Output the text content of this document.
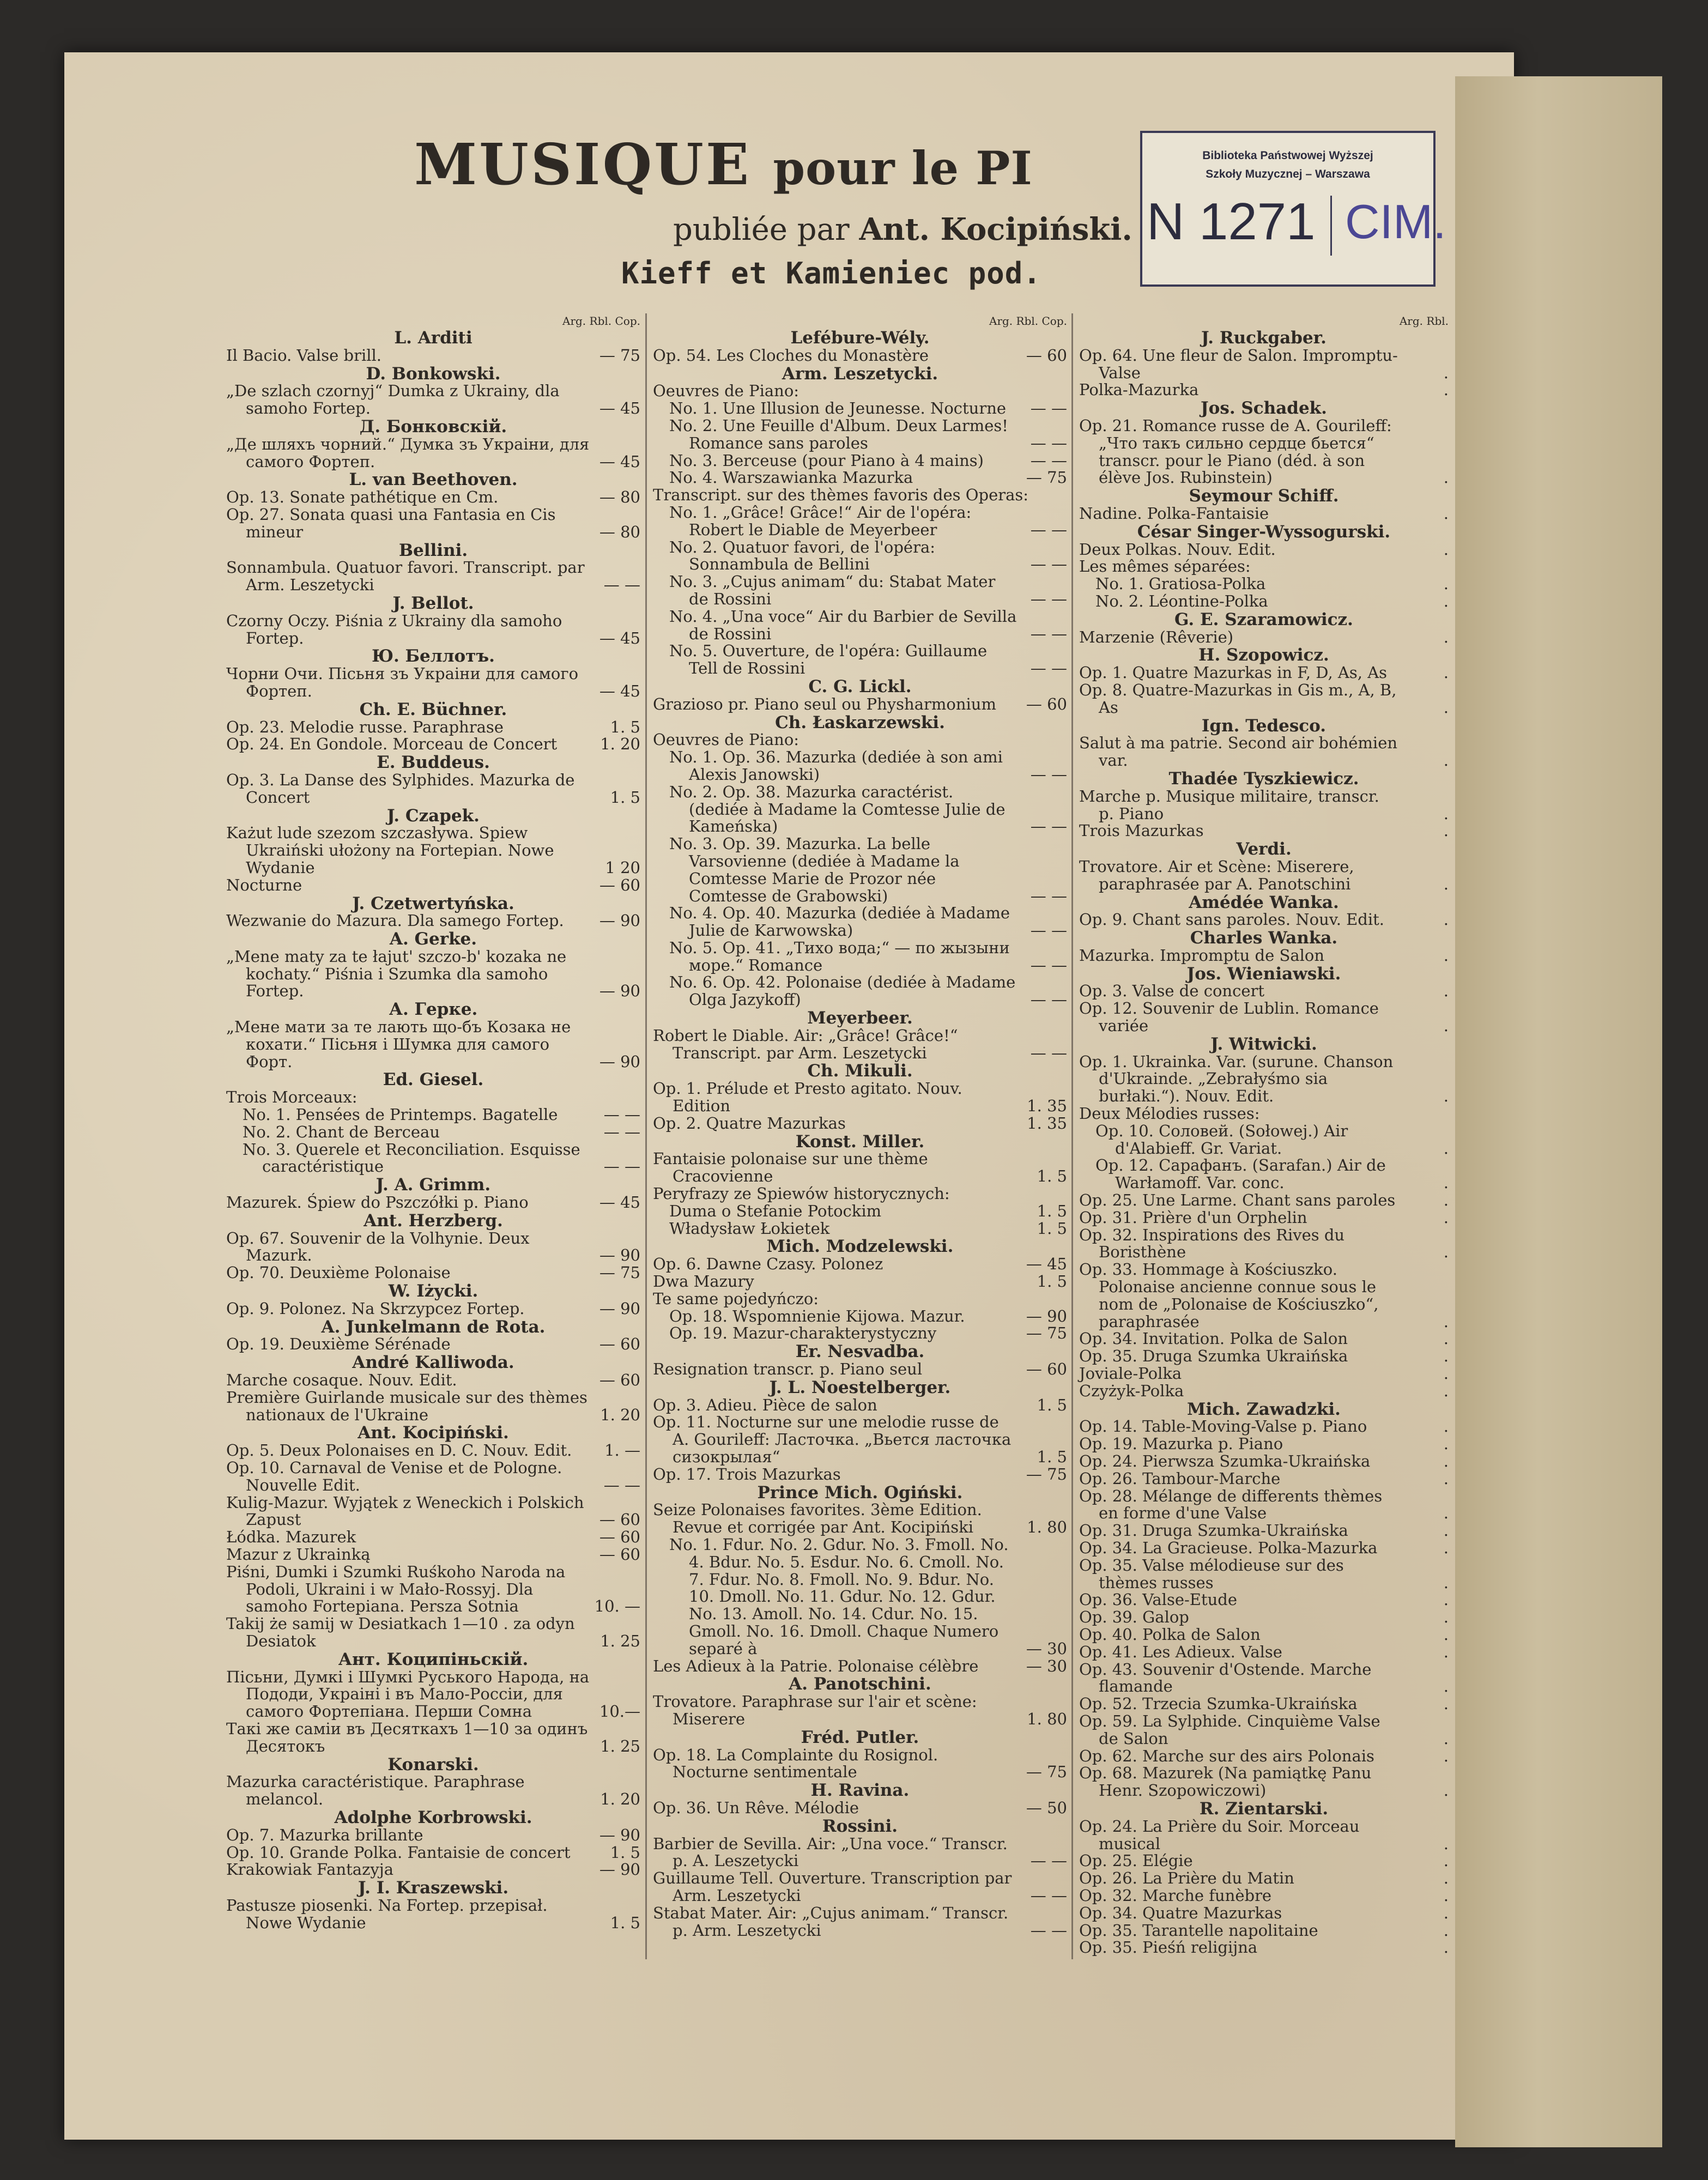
MUSIQUE pour le PI
publiée par Ant. Kocipiński.
Kieff et Kamieniec pod.
Biblioteka Państwowej Wyższej
Szkoły Muzycznej – Warszawa
N 1271 CIM.
Arg. Rbl. Cop.
L. Arditi
Il Bacio. Valse brill.	— 75
D. Bonkowski.
„De szlach czornyj“ Dumka z Ukrainy, dla samoho Fortep.	— 45
Д. Бонковскій.
„Де шляхъ чорний.“ Думка зъ Украiни, для самого Фортеп.	— 45
L. van Beethoven.
Op. 13. Sonate pathétique en Cm.	— 80
Op. 27. Sonata quasi una Fantasia en Cis mineur	— 80
Bellini.
Sonnambula. Quatuor favori. Transcript. par Arm. Leszetycki	— —
J. Bellot.
Czorny Oczy. Piśnia z Ukrainy dla samoho Fortep.	— 45
Ю. Беллотъ.
Чорни Очи. Пiсьня зъ Украiни для самого Фортеп.	— 45
Ch. E. Büchner.
Op. 23. Melodie russe. Paraphrase	1. 5
Op. 24. En Gondole. Morceau de Concert	1. 20
E. Buddeus.
Op. 3. La Danse des Sylphides. Mazurka de Concert	1. 5
J. Czapek.
Każut lude szezom szczasływa. Spiew Ukraiński ułożony na Fortepian. Nowe Wydanie	1 20
Nocturne	— 60
J. Czetwertyńska.
Wezwanie do Mazura. Dla samego Fortep.	— 90
A. Gerke.
„Mene maty za te łajut' szczo-b' kozaka ne kochaty.“ Piśnia i Szumka dla samoho Fortep.	— 90
А. Герке.
„Мене мати за те лають що-бъ Козака не кохати.“ Пiсьня i Шумка для самого Форт.	— 90
Ed. Giesel.
Trois Morceaux:
No. 1. Pensées de Printemps. Bagatelle	— —
No. 2. Chant de Berceau	— —
No. 3. Querele et Reconciliation. Esquisse caractéristique	— —
J. A. Grimm.
Mazurek. Śpiew do Pszczółki p. Piano	— 45
Ant. Herzberg.
Op. 67. Souvenir de la Volhynie. Deux Mazurk.	— 90
Op. 70. Deuxième Polonaise	— 75
W. Iżycki.
Op. 9. Polonez. Na Skrzypcez Fortep.	— 90
A. Junkelmann de Rota.
Op. 19. Deuxième Sérénade	— 60
André Kalliwoda.
Marche cosaque. Nouv. Edit.	— 60
Première Guirlande musicale sur des thèmes nationaux de l'Ukraine	1. 20
Ant. Kocipiński.
Op. 5. Deux Polonaises en D. C. Nouv. Edit.	1. —
Op. 10. Carnaval de Venise et de Pologne. Nouvelle Edit.	— —
Kulig-Mazur. Wyjątek z Weneckich i Polskich Zapust	— 60
Łódka. Mazurek	— 60
Mazur z Ukrainką	— 60
Piśni, Dumki i Szumki Ruśkoho Naroda na Podoli, Ukraini i w Mało-Rossyj. Dla samoho Fortepiana. Persza Sotnia	10. —
Takij że samij w Desiatkach 1—10 . za odyn Desiatok	1. 25
Ант. Коципіньскій.
Пiсьни, Думкi i Шумкi Руського Народа, на Пододи, Украiнi i въ Мало-Россiи, для самого Фортепiана. Перши Сомна	10.—
Такi же самiи въ Десяткахъ 1—10 за одинъ Десятокъ	1. 25
Konarski.
Mazurka caractéristique. Paraphrase melancol.	1. 20
Adolphe Korbrowski.
Op. 7. Mazurka brillante	— 90
Op. 10. Grande Polka. Fantaisie de concert	1. 5
Krakowiak Fantazyja	— 90
J. I. Kraszewski.
Pastusze piosenki. Na Fortep. przepisał. Nowe Wydanie	1. 5
Arg. Rbl. Cop.
Lefébure-Wély.
Op. 54. Les Cloches du Monastère	— 60
Arm. Leszetycki.
Oeuvres de Piano:
No. 1. Une Illusion de Jeunesse. Nocturne	— —
No. 2. Une Feuille d'Album. Deux Larmes! Romance sans paroles	— —
No. 3. Berceuse (pour Piano à 4 mains)	— —
No. 4. Warszawianka Mazurka	— 75
Transcript. sur des thèmes favoris des Operas:
No. 1. „Grâce! Grâce!“ Air de l'opéra: Robert le Diable de Meyerbeer	— —
No. 2. Quatuor favori, de l'opéra: Sonnambula de Bellini	— —
No. 3. „Cujus animam“ du: Stabat Mater de Rossini	— —
No. 4. „Una voce“ Air du Barbier de Sevilla de Rossini	— —
No. 5. Ouverture, de l'opéra: Guillaume Tell de Rossini	— —
C. G. Lickl.
Grazioso pr. Piano seul ou Physharmonium	— 60
Ch. Łaskarzewski.
Oeuvres de Piano:
No. 1. Op. 36. Mazurka (dediée à son ami Alexis Janowski)	— —
No. 2. Op. 38. Mazurka caractérist. (dediée à Madame la Comtesse Julie de Kameńska)	— —
No. 3. Op. 39. Mazurka. La belle Varsovienne (dediée à Madame la Comtesse Marie de Prozor née Comtesse de Grabowski)	— —
No. 4. Op. 40. Mazurka (dediée à Madame Julie de Karwowska)	— —
No. 5. Op. 41. „Тихо вода;“ — по жызыни море.“ Romance	— —
No. 6. Op. 42. Polonaise (dediée à Madame Olga Jazykoff)	— —
Meyerbeer.
Robert le Diable. Air: „Grâce! Grâce!“ Transcript. par Arm. Leszetycki	— —
Ch. Mikuli.
Op. 1. Prélude et Presto agitato. Nouv. Edition	1. 35
Op. 2. Quatre Mazurkas	1. 35
Konst. Miller.
Fantaisie polonaise sur une thème Cracovienne	1. 5
Peryfrazy ze Spiewów historycznych:
Duma o Stefanie Potockim	1. 5
Władysław Łokietek	1. 5
Mich. Modzelewski.
Op. 6. Dawne Czasy. Polonez	— 45
Dwa Mazury	1. 5
Te same pojedyńczo:
Op. 18. Wspomnienie Kijowa. Mazur.	— 90
Op. 19. Mazur-charakterystyczny	— 75
Er. Nesvadba.
Resignation transcr. p. Piano seul	— 60
J. L. Noestelberger.
Op. 3. Adieu. Pièce de salon	1. 5
Op. 11. Nocturne sur une melodie russe de A. Gourileff: Ласточка. „Вьется ласточка сизокрылая“	1. 5
Op. 17. Trois Mazurkas	— 75
Prince Mich. Ogiński.
Seize Polonaises favorites. 3ème Edition. Revue et corrigée par Ant. Kocipiński	1. 80
No. 1. Fdur. No. 2. Gdur. No. 3. Fmoll. No. 4. Bdur. No. 5. Esdur. No. 6. Cmoll. No. 7. Fdur. No. 8. Fmoll. No. 9. Bdur. No. 10. Dmoll. No. 11. Gdur. No. 12. Gdur. No. 13. Amoll. No. 14. Cdur. No. 15. Gmoll. No. 16. Dmoll. Chaque Numero separé à	— 30
Les Adieux à la Patrie. Polonaise célèbre	— 30
A. Panotschini.
Trovatore. Paraphrase sur l'air et scène: Miserere	1. 80
Fréd. Putler.
Op. 18. La Complainte du Rosignol. Nocturne sentimentale	— 75
H. Ravina.
Op. 36. Un Rêve. Mélodie	— 50
Rossini.
Barbier de Sevilla. Air: „Una voce.“ Transcr. p. A. Leszetycki	— —
Guillaume Tell. Ouverture. Transcription par Arm. Leszetycki	— —
Stabat Mater. Air: „Cujus animam.“ Transcr. p. Arm. Leszetycki	— —
Arg. Rbl.
J. Ruckgaber.
Op. 64. Une fleur de Salon. Impromptu-Valse	.
Polka-Mazurka	.
Jos. Schadek.
Op. 21. Romance russe de A. Gourileff: „Что такъ сильно сердце бьется“ transcr. pour le Piano (déd. à son élève Jos. Rubinstein)	.
Seymour Schiff.
Nadine. Polka-Fantaisie	.
César Singer-Wyssogurski.
Deux Polkas. Nouv. Edit.	.
Les mêmes séparées:
No. 1. Gratiosa-Polka	.
No. 2. Léontine-Polka	.
G. E. Szaramowicz.
Marzenie (Rêverie)	.
H. Szopowicz.
Op. 1. Quatre Mazurkas in F, D, As, As	.
Op. 8. Quatre-Mazurkas in Gis m., A, B, As	.
Ign. Tedesco.
Salut à ma patrie. Second air bohémien var.	.
Thadée Tyszkiewicz.
Marche p. Musique militaire, transcr. p. Piano	.
Trois Mazurkas	.
Verdi.
Trovatore. Air et Scène: Miserere, paraphrasée par A. Panotschini	.
Amédée Wanka.
Op. 9. Chant sans paroles. Nouv. Edit.	.
Charles Wanka.
Mazurka. Impromptu de Salon	.
Jos. Wieniawski.
Op. 3. Valse de concert	.
Op. 12. Souvenir de Lublin. Romance variée	.
J. Witwicki.
Op. 1. Ukrainka. Var. (surune. Chanson d'Ukrainde. „Zebrałyśmo sia burłaki.“). Nouv. Edit.	.
Deux Mélodies russes:
Op. 10. Соловей. (Sołowej.) Air d'Alabieff. Gr. Variat.	.
Op. 12. Сарафанъ. (Sarafan.) Air de Warłamoff. Var. conc.	.
Op. 25. Une Larme. Chant sans paroles	.
Op. 31. Prière d'un Orphelin	.
Op. 32. Inspirations des Rives du Boristhène	.
Op. 33. Hommage à Kościuszko. Polonaise ancienne connue sous le nom de „Polonaise de Kościuszko“, paraphrasée	.
Op. 34. Invitation. Polka de Salon	.
Op. 35. Druga Szumka Ukraińska	.
Joviale-Polka	.
Czyżyk-Polka	.
Mich. Zawadzki.
Op. 14. Table-Moving-Valse p. Piano	.
Op. 19. Mazurka p. Piano	.
Op. 24. Pierwsza Szumka-Ukraińska	.
Op. 26. Tambour-Marche	.
Op. 28. Mélange de differents thèmes en forme d'une Valse	.
Op. 31. Druga Szumka-Ukraińska	.
Op. 34. La Gracieuse. Polka-Mazurka	.
Op. 35. Valse mélodieuse sur des thèmes russes	.
Op. 36. Valse-Etude	.
Op. 39. Galop	.
Op. 40. Polka de Salon	.
Op. 41. Les Adieux. Valse	.
Op. 43. Souvenir d'Ostende. Marche flamande	.
Op. 52. Trzecia Szumka-Ukraińska	.
Op. 59. La Sylphide. Cinquième Valse de Salon	.
Op. 62. Marche sur des airs Polonais	.
Op. 68. Mazurek (Na pamiątkę Panu Henr. Szopowiczowi)	.
R. Zientarski.
Op. 24. La Prière du Soir. Morceau musical	.
Op. 25. Elégie	.
Op. 26. La Prière du Matin	.
Op. 32. Marche funèbre	.
Op. 34. Quatre Mazurkas	.
Op. 35. Tarantelle napolitaine	.
Op. 35. Pieśń religijna	.
